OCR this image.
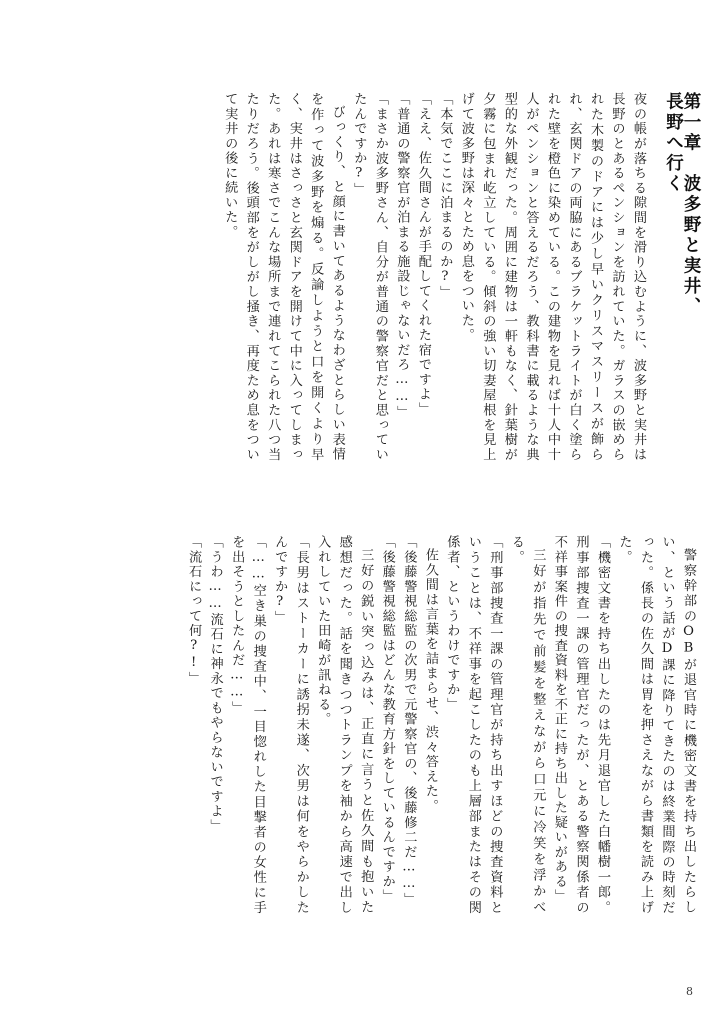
第一章　波多野と実井、長野へ行く

夜の帳が落ちる隙間を滑り込むように、波多野と実井は長野のとあるペンションを訪れていた。ガラスの嵌められた木製のドアには少し早いクリスマスリースが飾られ、玄関ドアの両脇にあるブラケットライトが白く塗られた壁を橙色に染めている。この建物を見れば十人中十人がペンションと答えるだろう、教科書に載るような典型的な外観だった。周囲に建物は一軒もなく、針葉樹が夕霧に包まれ屹立している。傾斜の強い切妻屋根を見上げて波多野は深々とため息をついた。

「本気でここに泊まるのか?」

「ええ、佐久間さんが手配してくれた宿ですよ」

「普通の警察官が泊まる施設じゃないだろ……」

「まさか波多野さん、自分が普通の警察官だと思っていたんですか?」

びっくり、と顔に書いてあるようなわざとらしい表情を作って波多野を煽る。反論しようと口を開くより早く、実井はさっさと玄関ドアを開けて中に入ってしまった。あれは寒さでこんな場所まで連れてこられた八つ当たりだろう。後頭部をがしがし掻き、再度ため息をついて実井の後に続いた。

警察幹部のOBが退官時に機密文書を持ち出したらしい、という話がD課に降りてきたのは終業間際の時刻だった。係長の佐久間は胃を押さえながら書類を読み上げた。

「機密文書を持ち出したのは先月退官した白幡樹一郎。刑事部捜査一課の管理官だったが、とある警察関係者の不祥事案件の捜査資料を不正に持ち出した疑いがある」

三好が指先で前髪を整えながら口元に冷笑を浮かべる。

「刑事部捜査一課の管理官が持ち出すほどの捜査資料ということは、不祥事を起こしたのも上層部またはその関係者、というわけですか」

佐久間は言葉を詰まらせ、渋々答えた。

「後藤警視総監の次男で元警察官の、後藤修二だ……」

「後藤警視総監はどんな教育方針をしているんですか」

三好の鋭い突っ込みは、正直に言うと佐久間も抱いた感想だった。話を聞きつつトランプを袖から高速で出し入れしていた田崎が訊ねる。

「長男はストーカーに誘拐未遂、次男は何をやらかしたんですか?」

「……空き巣の捜査中、一目惚れした目撃者の女性に手を出そうとしたんだ……」

「うわ……流石に神永でもやらないですよ」

「流石にって何?!」

8
